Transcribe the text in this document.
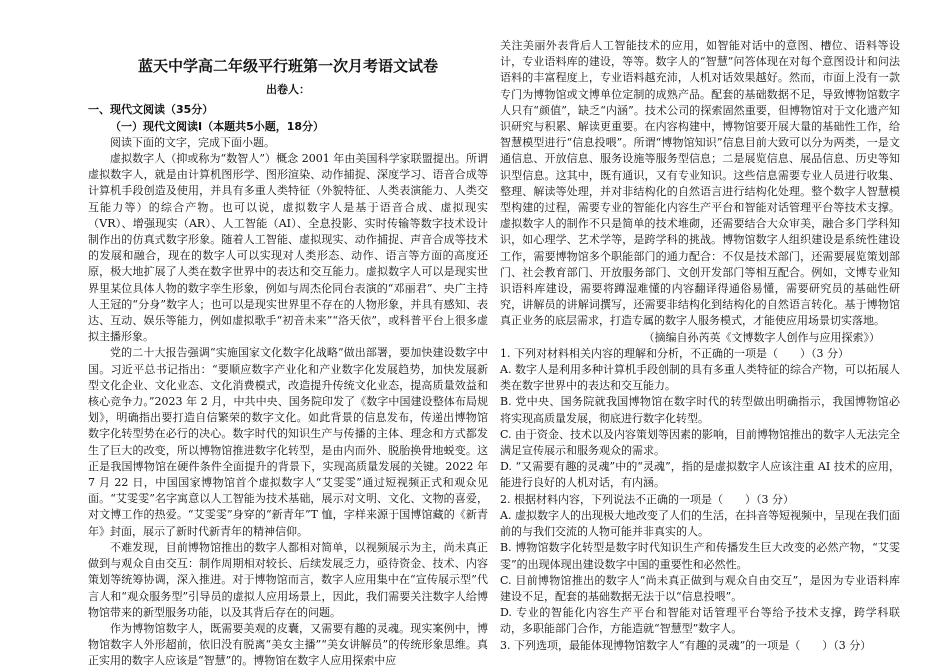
蓝天中学高二年级平行班第一次月考语文试卷
出卷人：
一、现代文阅读（35分）
（一）现代文阅读Ⅰ（本题共5小题，18分）

阅读下面的文字，完成下面小题。

虚拟数字人（抑或称为“数智人”）概念 2001 年由美国科学家联盟提出。所谓虚拟数字人，就是由计算机图形学、图形渲染、动作捕捉、深度学习、语音合成等计算机手段创造及使用，并具有多重人类特征（外貌特征、人类表演能力、人类交互能力等）的综合产物。也可以说，虚拟数字人是基于语音合成、虚拟现实（VR）、增强现实（AR）、人工智能（AI）、全息投影、实时传输等数字技术设计制作出的仿真式数字形象。随着人工智能、虚拟现实、动作捕捉、声音合成等技术的发展和融合，现在的数字人可以实现对人类形态、动作、语言等方面的高度还原，极大地扩展了人类在数字世界中的表达和交互能力。虚拟数字人可以是现实世界里某位具体人物的数字孪生形象，例如与周杰伦同台表演的“邓丽君”、央广主持人王冠的“分身”数字人；也可以是现实世界里不存在的人物形象，并具有感知、表达、互动、娱乐等能力，例如虚拟歌手“初音未来”“洛天依”，或科普平台上很多虚拟主播形象。

党的二十大报告强调“实施国家文化数字化战略”做出部署，要加快建设数字中国。习近平总书记指出：“要顺应数字产业化和产业数字化发展趋势，加快发展新型文化企业、文化业态、文化消费模式，改造提升传统文化业态，提高质量效益和核心竞争力。”2023 年 2 月，中共中央、国务院印发了《数字中国建设整体布局规划》，明确指出要打造自信繁荣的数字文化。如此背景的信息发布，传递出博物馆数字化转型势在必行的决心。数字时代的知识生产与传播的主体、理念和方式都发生了巨大的改变，所以博物馆推进数字化转型，是由内而外、脱胎换骨地蜕变。这正是我国博物馆在硬件条件全面提升的背景下，实现高质量发展的关键。2022 年 7 月 22 日，中国国家博物馆首个虚拟数字人“艾雯雯”通过短视频正式和观众见面。“艾雯雯”名字寓意以人工智能为技术基础，展示对文明、文化、文物的喜爱，对文博工作的热爱。“艾雯雯”身穿的“新青年”T 恤，字样来源于国博馆藏的《新青年》封面，展示了新时代新青年的精神信仰。

不难发现，目前博物馆推出的数字人都相对简单，以视频展示为主，尚未真正做到与观众自由交互：制作周期相对较长、后续发展乏力，亟待资金、技术、内容策划等统筹协调，深入推进。对于博物馆而言，数字人应用集中在“宣传展示型”代言人和“观众服务型”引导员的虚拟人应用场景上，因此，我们需要关注数字人给博物馆带来的新型服务功能，以及其背后存在的问题。

作为博物馆数字人，既需要美观的皮囊，又需要有趣的灵魂。现实案例中，博物馆数字人外形超前，依旧没有脱离“美女主播”“美女讲解员”的传统形象思维。真正实用的数字人应该是“智慧”的。博物馆在数字人应用探索中应

关注美丽外表背后人工智能技术的应用，如智能对话中的意图、槽位、语料等设计，专业语料库的建设，等等。数字人的“智慧”问答体现在对每个意图设计和问法语料的丰富程度上，专业语料越充沛，人机对话效果越好。然而，市面上没有一款专门为博物馆或文博单位定制的成熟产品。配套的基础数据不足，导致博物馆数字人只有“颜值”，缺乏“内涵”。技术公司的探索固然重要，但博物馆对于文化遗产知识研究与积累、解读更重要。在内容构建中，博物馆要开展大量的基础性工作，给智慧模型进行“信息投喂”。所谓“博物馆知识”信息目前大致可以分为两类，一是文通信息、开放信息、服务设施等服务型信息；二是展览信息、展品信息、历史等知识型信息。这其中，既有通识，又有专业知识。这些信息需要专业人员进行收集、整理、解读等处理，并对非结构化的自然语言进行结构化处理。整个数字人智慧模型构建的过程，需要专业的智能化内容生产平台和智能对话管理平台等技术支撑。虚拟数字人的制作不只是简单的技术堆砌，还需要结合大众审美，融合多门学科知识，如心理学、艺术学等，是跨学科的挑战。博物馆数字人组织建设是系统性建设工作，需要博物馆多个职能部门的通力配合：不仅是技术部门，还需要展览策划部门、社会教育部门、开放服务部门、文创开发部门等相互配合。例如，文博专业知识语料库建设，需要将蹲湿难懂的内容翻译得通俗易懂，需要研究员的基础性研究，讲解员的讲解词撰写，还需要非结构化到结构化的自然语言转化。基于博物馆真正业务的底层需求，打造专属的数字人服务模式，才能使应用场景切实落地。

（摘编自孙芮英《文博数字人创作与应用探索》）

1. 下列对材料相关内容的理解和分析，不正确的一项是（　　）（3 分）

A. 数字人是利用多种计算机手段创制的具有多重人类特征的综合产物，可以拓展人类在数字世界中的表达和交互能力。

B. 党中央、国务院就我国博物馆在数字时代的转型做出明确指示，我国博物馆必将实现高质量发展，彻底进行数字化转型。

C. 由于资金、技术以及内容策划等因素的影响，目前博物馆推出的数字人无法完全满足宣传展示和服务观众的需求。

D. “又需要有趣的灵魂”中的“灵魂”，指的是虚拟数字人应该注重 AI 技术的应用，能进行良好的人机对话，有内涵。

2. 根据材料内容，下列说法不正确的一项是（　　）（3 分）

A. 虚拟数字人的出现极大地改变了人们的生活，在抖音等短视频中，呈现在我们面前的与我们交流的人物可能并非真实的人。

B. 博物馆数字化转型是数字时代知识生产和传播发生巨大改变的必然产物，“艾雯雯”的出现体现出建设数字中国的重要性和必然性。

C. 目前博物馆推出的数字人“尚未真正做到与观众自由交互”，是因为专业语料库建设不足，配套的基础数据无法于以“信息投喂”。

D. 专业的智能化内容生产平台和智能对话管理平台等给予技术支撑，跨学科联动，多职能部门合作，方能造就“智慧型”数字人。

3. 下列选项，最能体现博物馆数字人“有趣的灵魂”的一项是（　　）（3 分）
